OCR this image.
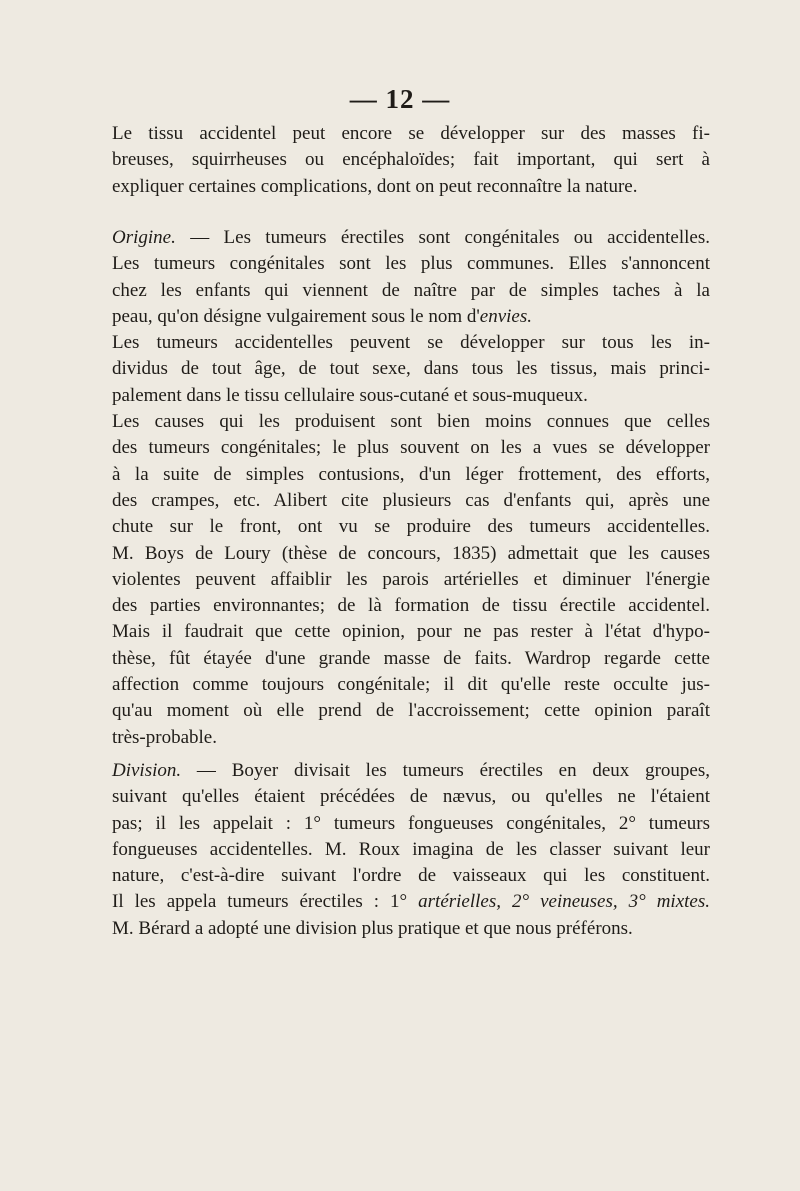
— 12 —

Le tissu accidentel peut encore se développer sur des masses fi-

breuses, squirrheuses ou encéphaloïdes; fait important, qui sert à

expliquer certaines complications, dont on peut reconnaître la nature.

Origine. — Les tumeurs érectiles sont congénitales ou accidentelles.

Les tumeurs congénitales sont les plus communes. Elles s'annoncent

chez les enfants qui viennent de naître par de simples taches à la

peau, qu'on désigne vulgairement sous le nom d'envies.

Les tumeurs accidentelles peuvent se développer sur tous les in-

dividus de tout âge, de tout sexe, dans tous les tissus, mais princi-

palement dans le tissu cellulaire sous-cutané et sous-muqueux.

Les causes qui les produisent sont bien moins connues que celles

des tumeurs congénitales; le plus souvent on les a vues se développer

à la suite de simples contusions, d'un léger frottement, des efforts,

des crampes, etc. Alibert cite plusieurs cas d'enfants qui, après une

chute sur le front, ont vu se produire des tumeurs accidentelles.

M. Boys de Loury (thèse de concours, 1835) admettait que les causes

violentes peuvent affaiblir les parois artérielles et diminuer l'énergie

des parties environnantes; de là formation de tissu érectile accidentel.

Mais il faudrait que cette opinion, pour ne pas rester à l'état d'hypo-

thèse, fût étayée d'une grande masse de faits. Wardrop regarde cette

affection comme toujours congénitale; il dit qu'elle reste occulte jus-

qu'au moment où elle prend de l'accroissement; cette opinion paraît

très-probable.

Division. — Boyer divisait les tumeurs érectiles en deux groupes,

suivant qu'elles étaient précédées de nævus, ou qu'elles ne l'étaient

pas; il les appelait : 1° tumeurs fongueuses congénitales, 2° tumeurs

fongueuses accidentelles. M. Roux imagina de les classer suivant leur

nature, c'est-à-dire suivant l'ordre de vaisseaux qui les constituent.

Il les appela tumeurs érectiles : 1° artérielles, 2° veineuses, 3° mixtes.

M. Bérard a adopté une division plus pratique et que nous préférons.
